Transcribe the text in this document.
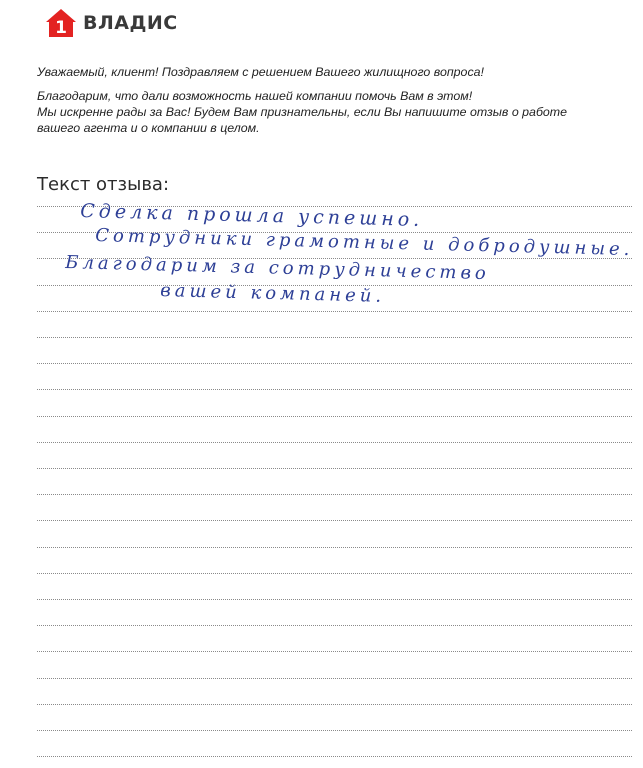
1 ВЛАДИС

Уважаемый, клиент! Поздравляем с решением Вашего жилищного вопроса!

Благодарим, что дали возможность нашей компании помочь Вам в этом!

Мы искренне рады за Вас! Будем Вам признательны, если Вы напишите отзыв о работе

вашего агента и о компании в целом.

Текст отзыва:
Сделка прошла успешно.
Сотрудники грамотные и добродушные.
Благодарим за сотрудничество
вашей компаней.
